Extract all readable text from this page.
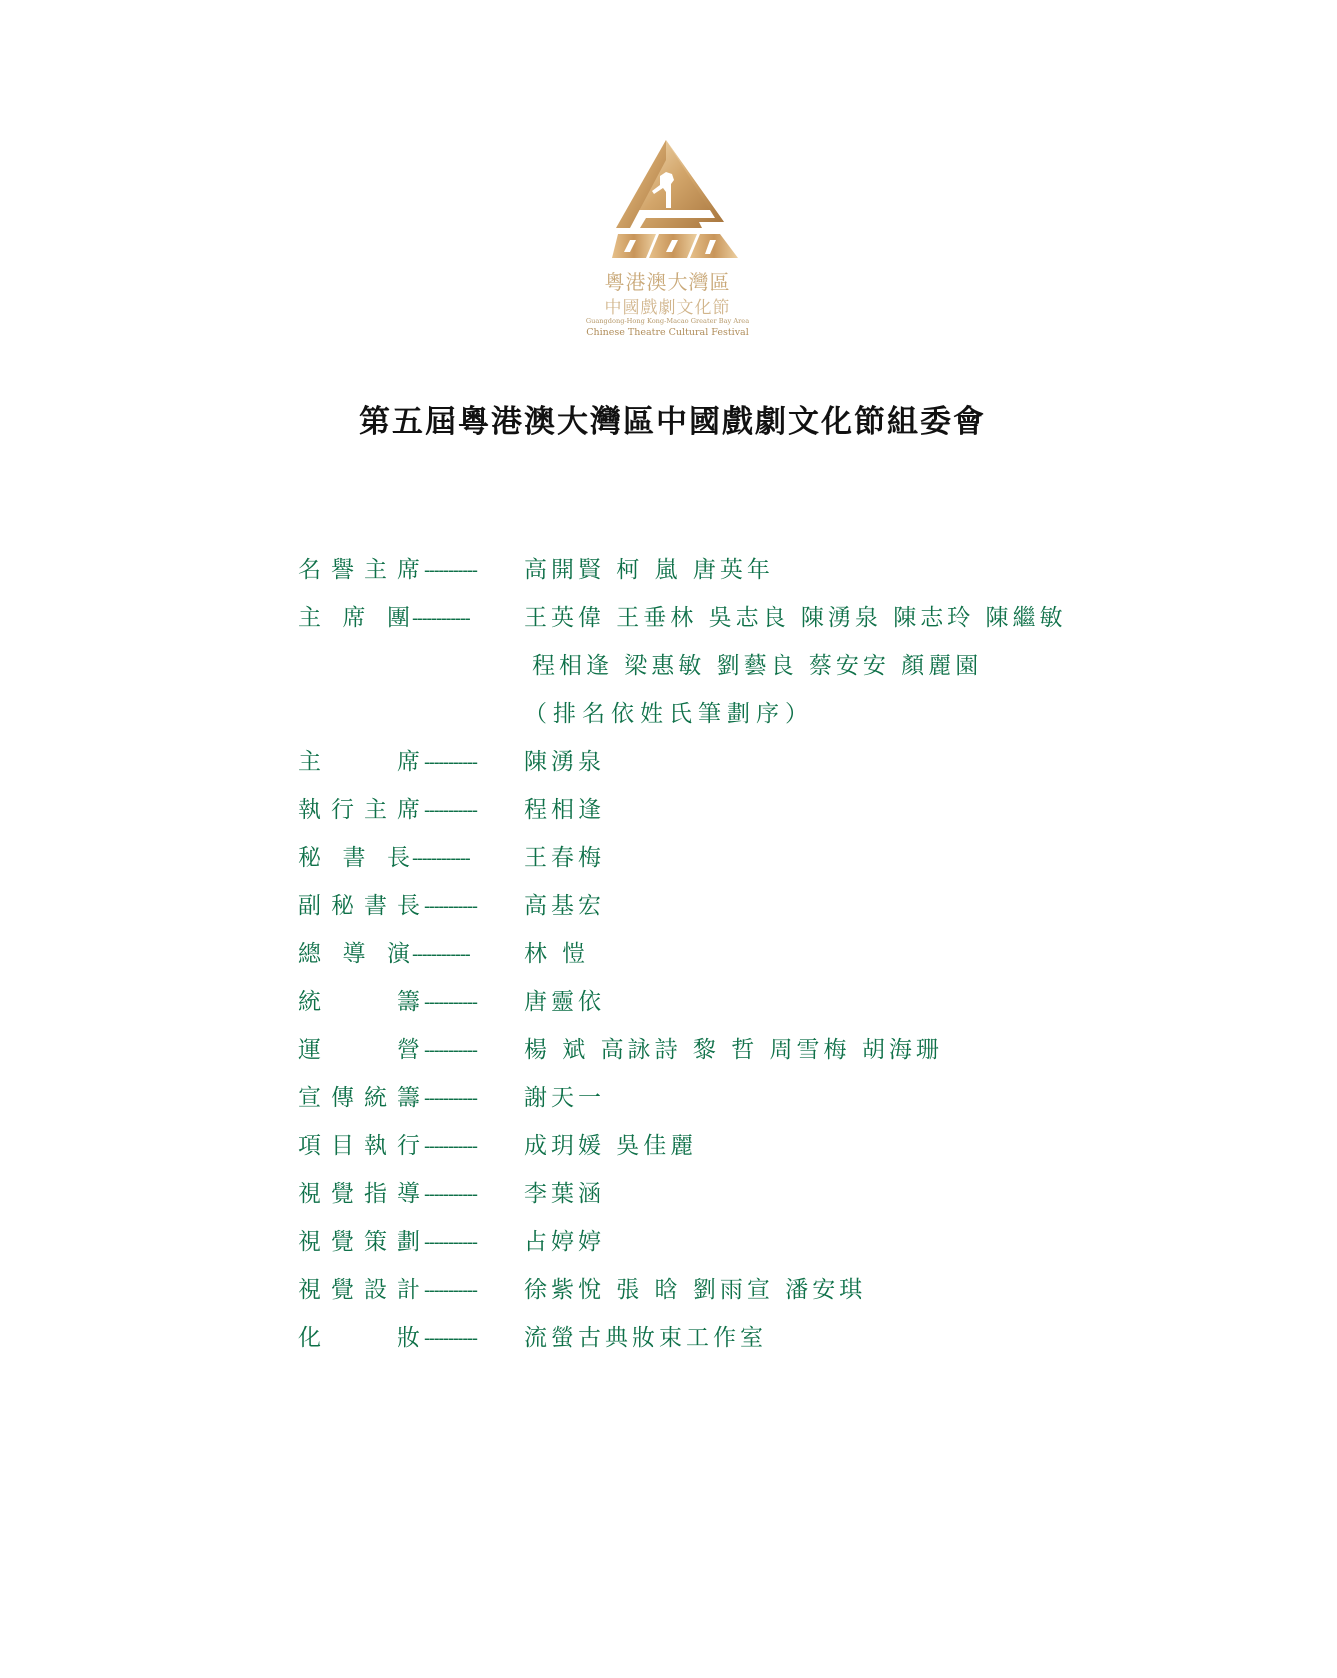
粵港澳大灣區
中國戲劇文化節
Guangdong-Hong Kong-Macao Greater Bay Area
Chinese Theatre Cultural Festival
第五屆粵港澳大灣區中國戲劇文化節組委會
名 譽 主 席 ----------- 高開賢 柯 嵐 唐英年
主 席 團 ------------ 王英偉 王垂林 吳志良 陳湧泉 陳志玲 陳繼敏
程相逢 梁惠敏 劉藝良 蔡安安 顏麗園
（排名依姓氏筆劃序）
主	席 ----------- 陳湧泉
執 行 主 席 ----------- 程相逢
秘 書 長 ------------ 王春梅
副 秘 書 長 ----------- 高基宏
總 導 演 ------------ 林 愷
統	籌 ----------- 唐靈依
運	營 ----------- 楊 斌 高詠詩 黎 哲 周雪梅 胡海珊
宣 傳 統 籌 ----------- 謝天一
項 目 執 行 ----------- 成玥媛 吳佳麗
視 覺 指 導 ----------- 李葉涵
視 覺 策 劃 ----------- 占婷婷
視 覺 設 計 ----------- 徐紫悅 張 晗 劉雨宣 潘安琪
化	妝 ----------- 流螢古典妝束工作室
